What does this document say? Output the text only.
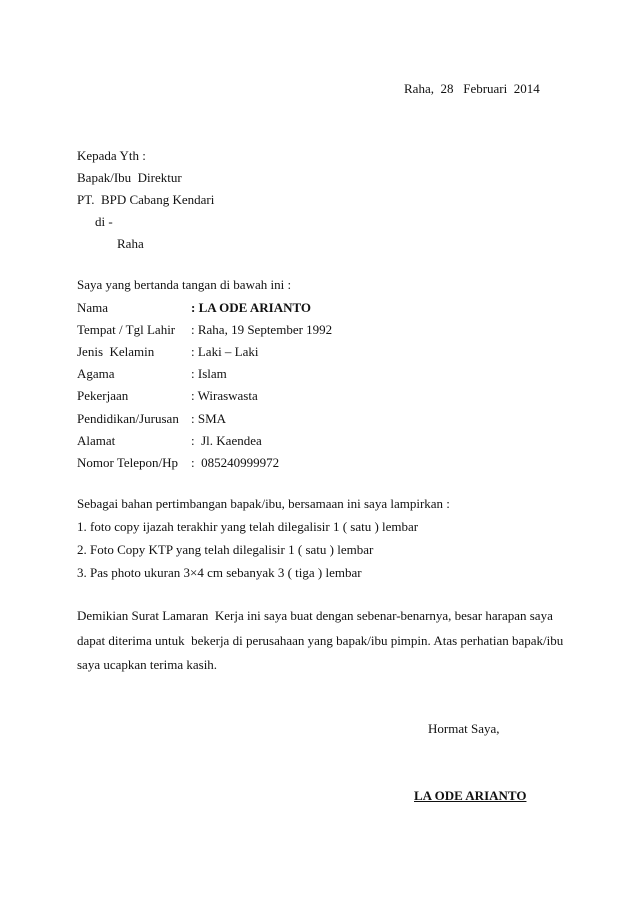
Raha,  28   Februari  2014
Kepada Yth :
Bapak/Ibu  Direktur
PT.  BPD Cabang Kendari
di -
Raha
Saya yang bertanda tangan di bawah ini :
Nama	: LA ODE ARIANTO
Tempat / Tgl Lahir : Raha, 19 September 1992
Jenis  Kelamin	: Laki – Laki
Agama	: Islam
Pekerjaan	: Wiraswasta
Pendidikan/Jurusan : SMA
Alamat	:  Jl. Kaendea
Nomor Telepon/Hp :  085240999972
Sebagai bahan pertimbangan bapak/ibu, bersamaan ini saya lampirkan :
1. foto copy ijazah terakhir yang telah dilegalisir 1 ( satu ) lembar
2. Foto Copy KTP yang telah dilegalisir 1 ( satu ) lembar
3. Pas photo ukuran 3×4 cm sebanyak 3 ( tiga ) lembar
Demikian Surat Lamaran  Kerja ini saya buat dengan sebenar-benarnya, besar harapan saya
dapat diterima untuk  bekerja di perusahaan yang bapak/ibu pimpin. Atas perhatian bapak/ibu
saya ucapkan terima kasih.
Hormat Saya,
LA ODE ARIANTO
